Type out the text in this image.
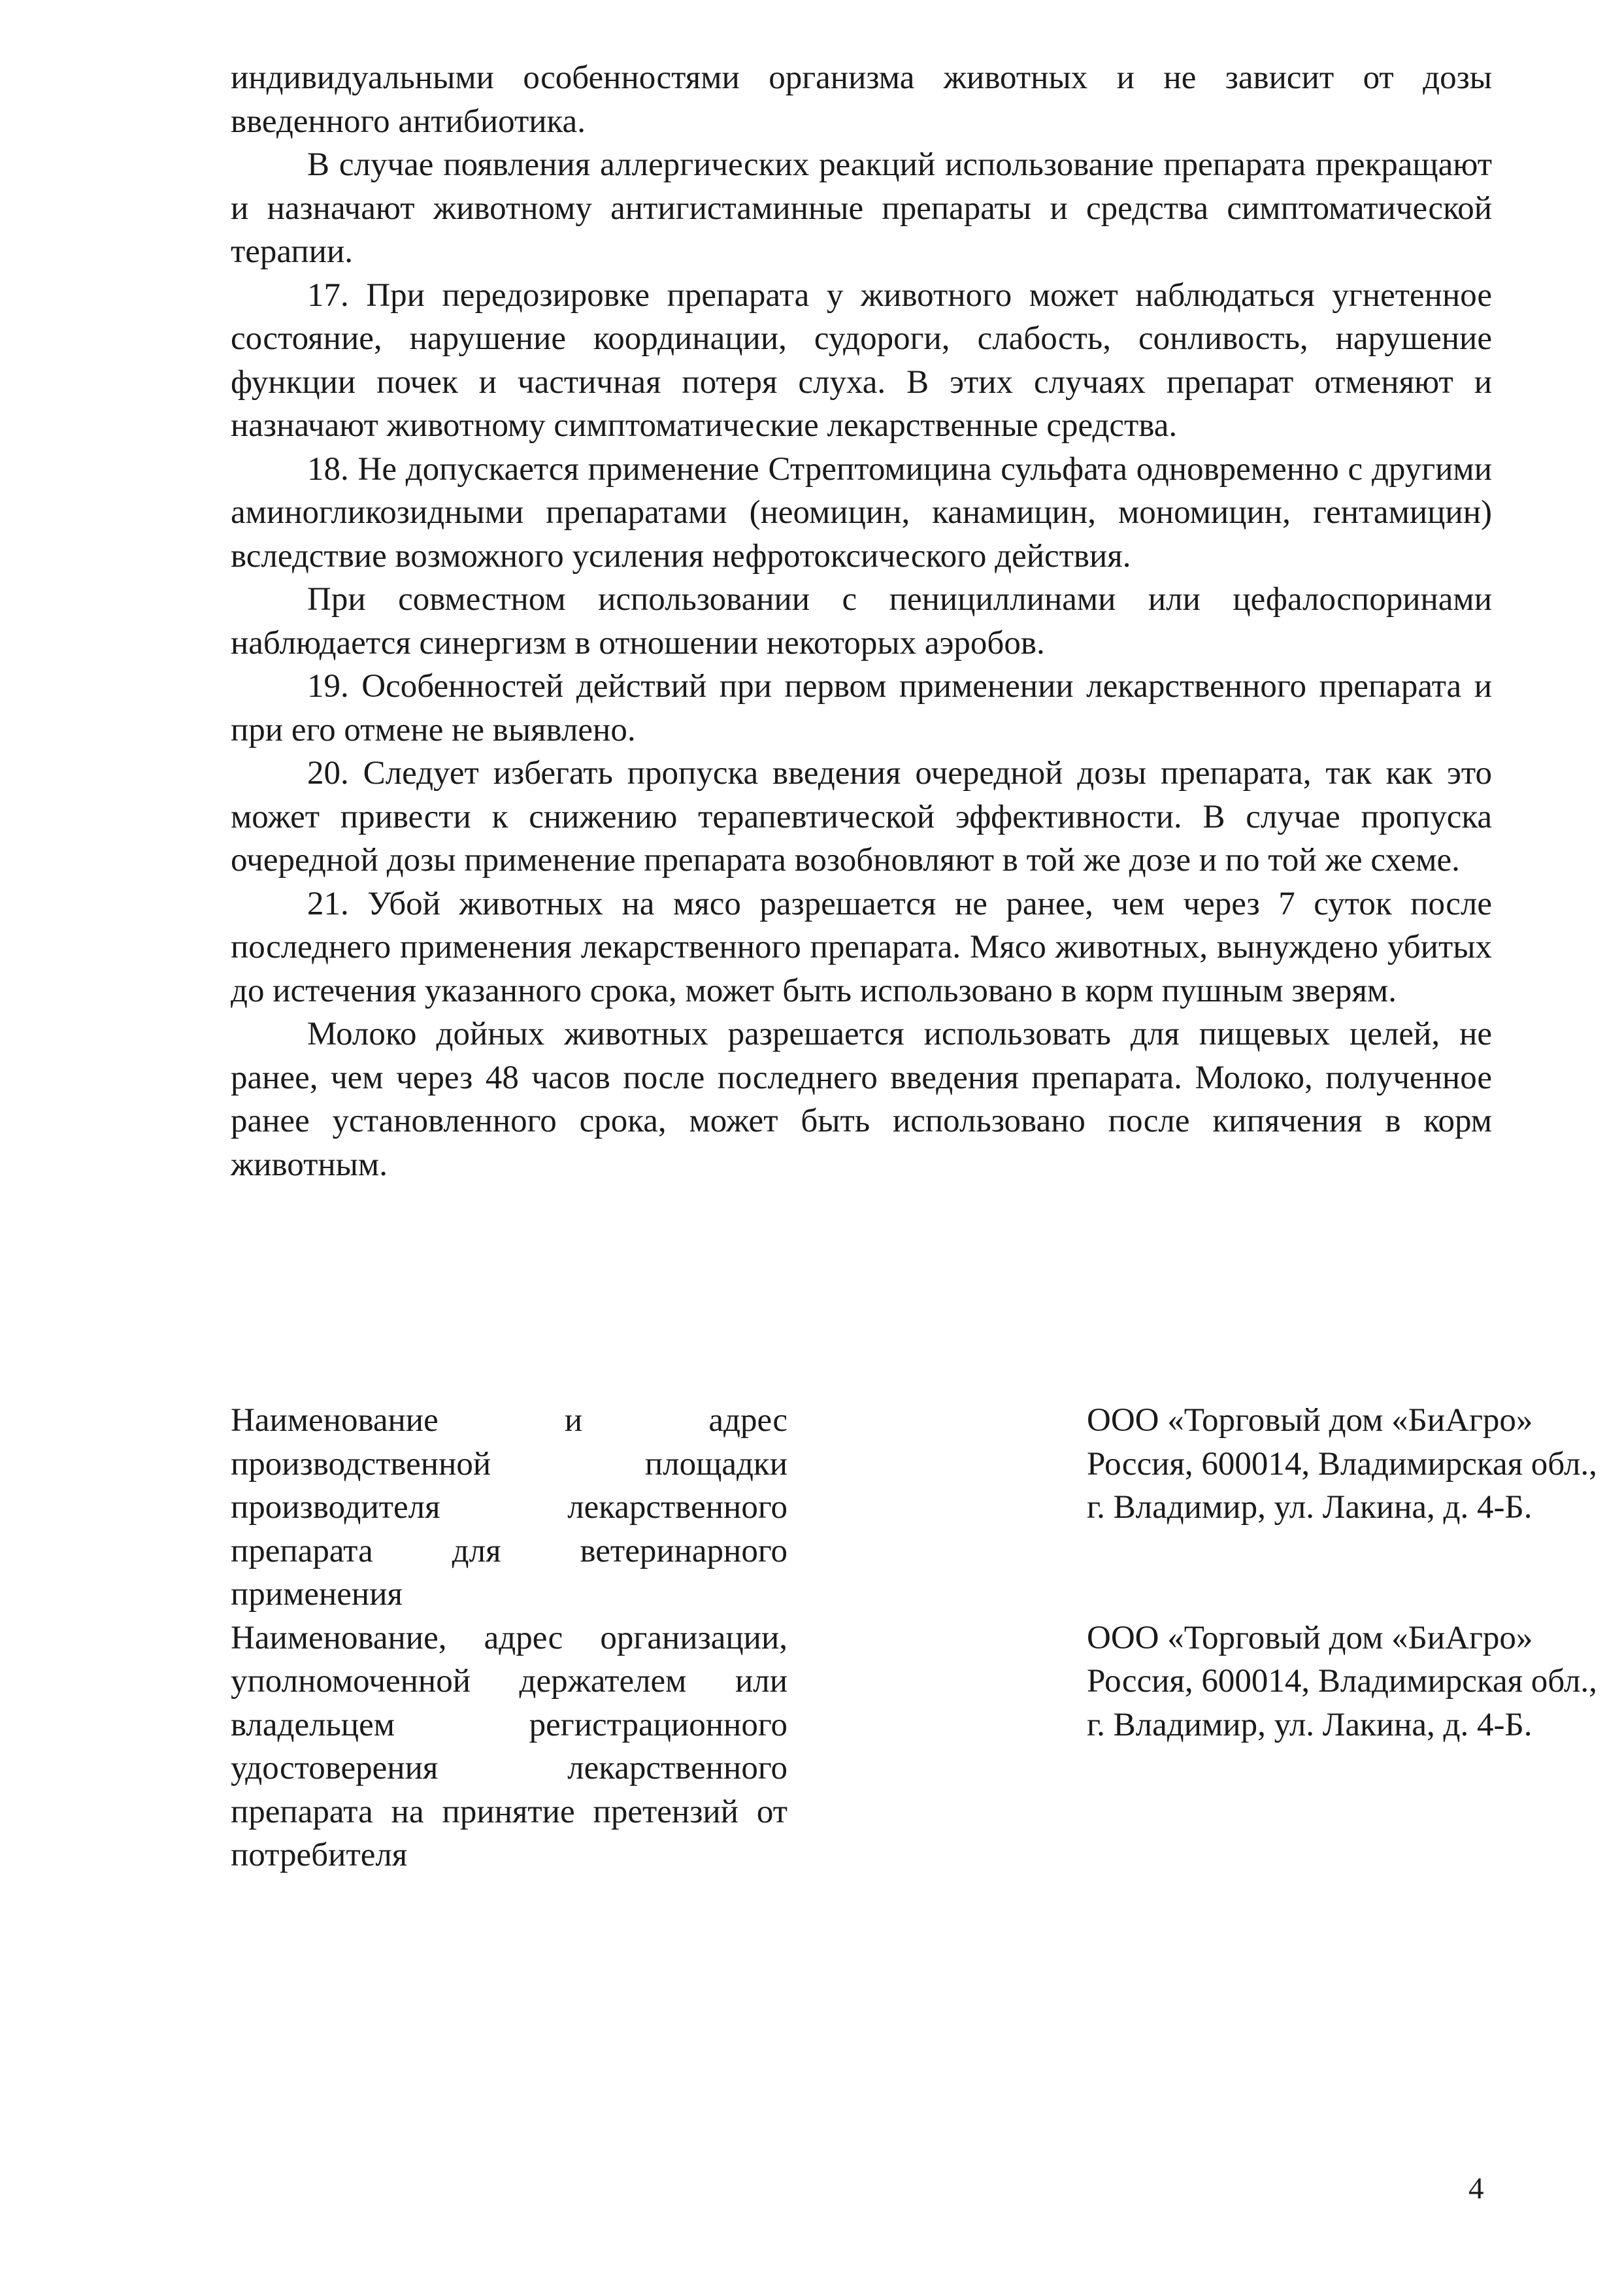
индивидуальными особенностями организма животных и не зависит от дозы введенного антибиотика.

В случае появления аллергических реакций использование препарата прекращают и назначают животному антигистаминные препараты и средства симптоматической терапии.

17. При передозировке препарата у животного может наблюдаться угнетенное состояние, нарушение координации, судороги, слабость, сонливость, нарушение функции почек и частичная потеря слуха. В этих случаях препарат отменяют и назначают животному симптоматические лекарственные средства.

18. Не допускается применение Стрептомицина сульфата одновременно с другими аминогликозидными препаратами (неомицин, канамицин, мономицин, гентамицин) вследствие возможного усиления нефротоксического действия.

При совместном использовании с пенициллинами или цефалоспоринами наблюдается синергизм в отношении некоторых аэробов.

19. Особенностей действий при первом применении лекарственного препарата и при его отмене не выявлено.

20. Следует избегать пропуска введения очередной дозы препарата, так как это может привести к снижению терапевтической эффективности. В случае пропуска очередной дозы применение препарата возобновляют в той же дозе и по той же схеме.

21. Убой животных на мясо разрешается не ранее, чем через 7 суток после последнего применения лекарственного препарата. Мясо животных, вынуждено убитых до истечения указанного срока, может быть использовано в корм пушным зверям.

Молоко дойных животных разрешается использовать для пищевых целей, не ранее, чем через 48 часов после последнего введения препарата. Молоко, полученное ранее установленного срока, может быть использовано после кипячения в корм животным.

Наименование и адрес производственной площадки производителя лекарственного препарата для ветеринарного применения
ООО «Торговый дом «БиАгро»
Россия, 600014, Владимирская обл.,
г. Владимир, ул. Лакина, д. 4-Б.
Наименование, адрес организации, уполномоченной держателем или владельцем регистрационного удостоверения лекарственного препарата на принятие претензий от потребителя
ООО «Торговый дом «БиАгро»
Россия, 600014, Владимирская обл.,
г. Владимир, ул. Лакина, д. 4-Б.
4
